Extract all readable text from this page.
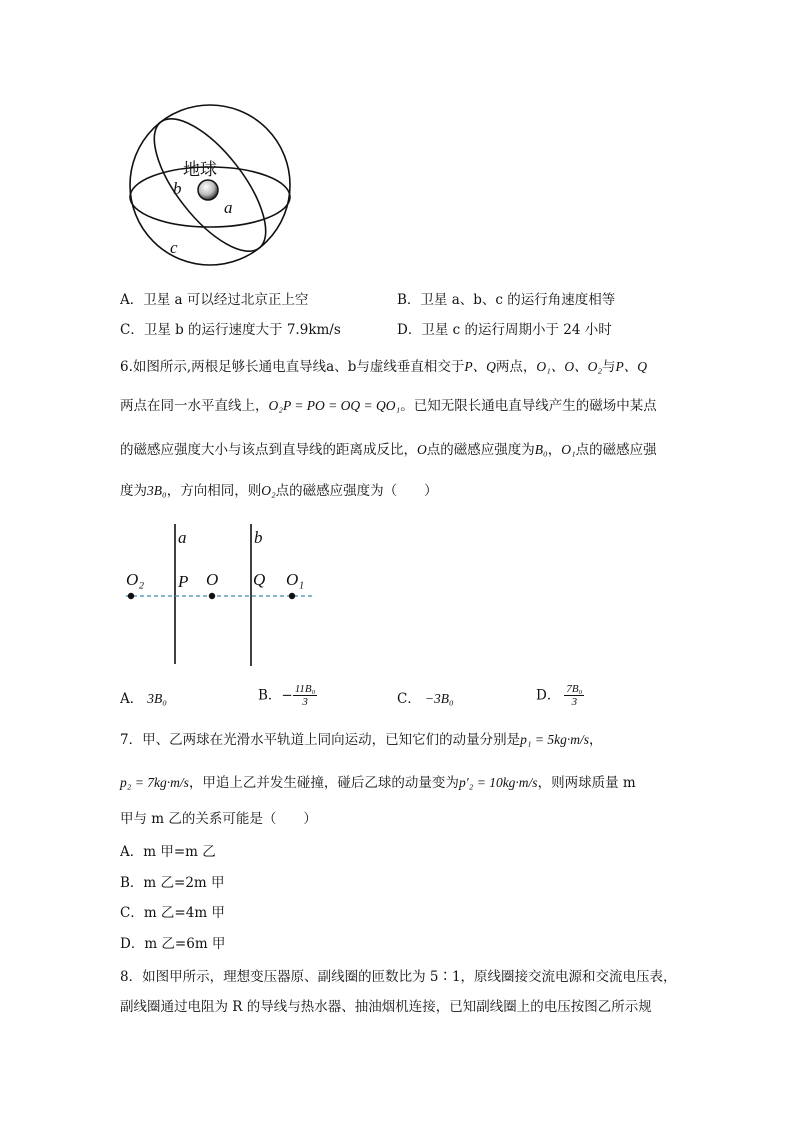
地球
b
a
c
A．卫星 a 可以经过北京正上空	B．卫星 a、b、c 的运行角速度相等
C．卫星 b 的运行速度大于 7.9km/s	D．卫星 c 的运行周期小于 24 小时
6.如图所示,两根足够长通电直导线a、b与虚线垂直相交于P、Q两点，O₁、O、O₂与P、Q
两点在同一水平直线上，O₂P = PO = OQ = QO₁。已知无限长通电直导线产生的磁场中某点
的磁感应强度大小与该点到直导线的距离成反比，O点的磁感应强度为B₀，O₁点的磁感应强
度为3B₀，方向相同，则O₂点的磁感应强度为（　　）
a	b
O₂ P O Q O₁
A． 3B₀	B．− $\frac{\text{11B₀}}{3}$	C． −3B₀	D． $\frac{\text{7B₀}}{3}$
7．甲、乙两球在光滑水平轨道上同向运动，已知它们的动量分别是p₁ = 5kg·m/s，
p₂ = 7kg·m/s，甲追上乙并发生碰撞，碰后乙球的动量变为p′₂ = 10kg·m/s，则两球质量 m
甲与 m 乙的关系可能是（　　）
A．m 甲=m 乙
B．m 乙=2m 甲
C．m 乙=4m 甲
D．m 乙=6m 甲
8．如图甲所示，理想变压器原、副线圈的匝数比为 5∶1，原线圈接交流电源和交流电压表，
副线圈通过电阻为 R 的导线与热水器、抽油烟机连接，已知副线圈上的电压按图乙所示规
